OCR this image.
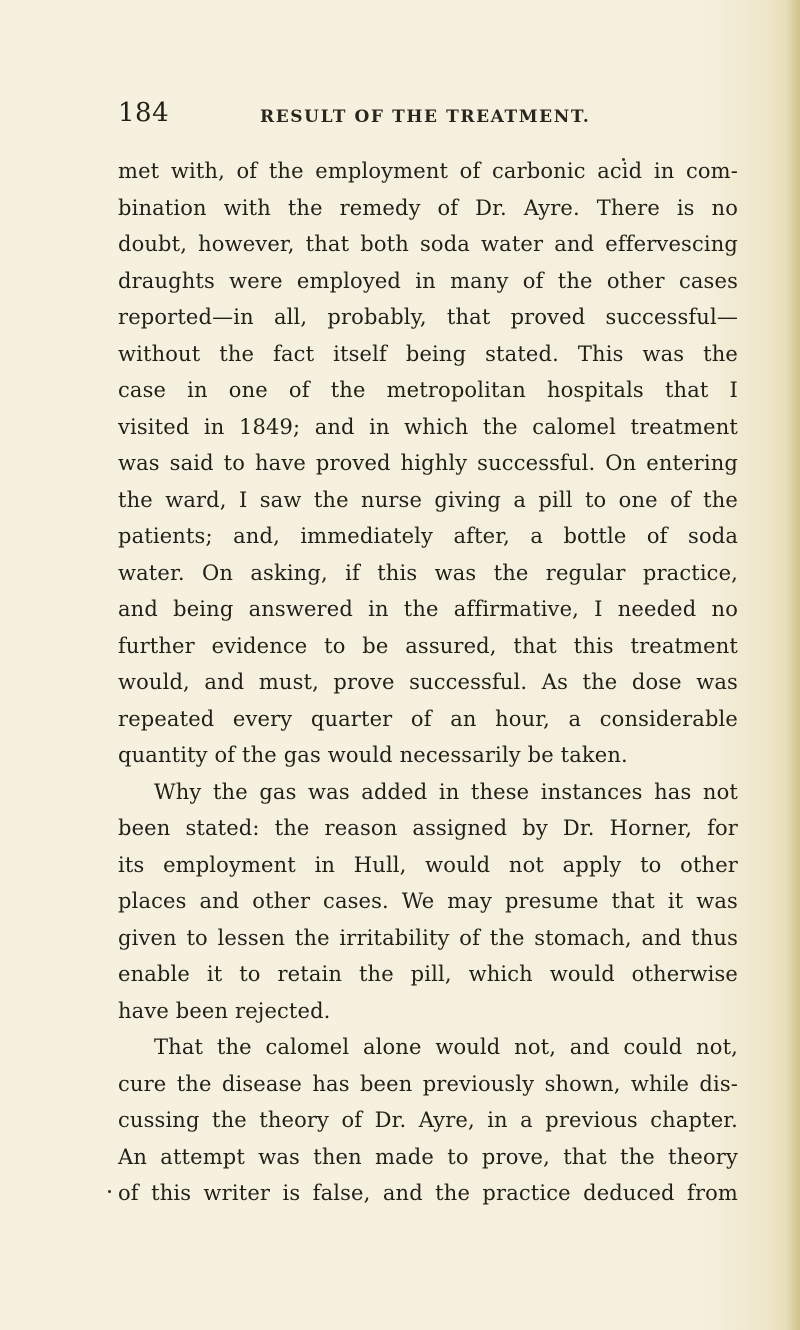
184	RESULT OF THE TREATMENT.
met with, of the employment of carbonic acid in com-
bination with the remedy of Dr. Ayre. There is no
doubt, however, that both soda water and effervescing
draughts were employed in many of the other cases
reported—in all, probably, that proved successful—
without the fact itself being stated. This was the
case in one of the metropolitan hospitals that I
visited in 1849; and in which the calomel treatment
was said to have proved highly successful. On entering
the ward, I saw the nurse giving a pill to one of the
patients; and, immediately after, a bottle of soda
water. On asking, if this was the regular practice,
and being answered in the affirmative, I needed no
further evidence to be assured, that this treatment
would, and must, prove successful. As the dose was
repeated every quarter of an hour, a considerable
quantity of the gas would necessarily be taken.
Why the gas was added in these instances has not
been stated: the reason assigned by Dr. Horner, for
its employment in Hull, would not apply to other
places and other cases. We may presume that it was
given to lessen the irritability of the stomach, and thus
enable it to retain the pill, which would otherwise
have been rejected.
That the calomel alone would not, and could not,
cure the disease has been previously shown, while dis-
cussing the theory of Dr. Ayre, in a previous chapter.
An attempt was then made to prove, that the theory
of this writer is false, and the practice deduced from
